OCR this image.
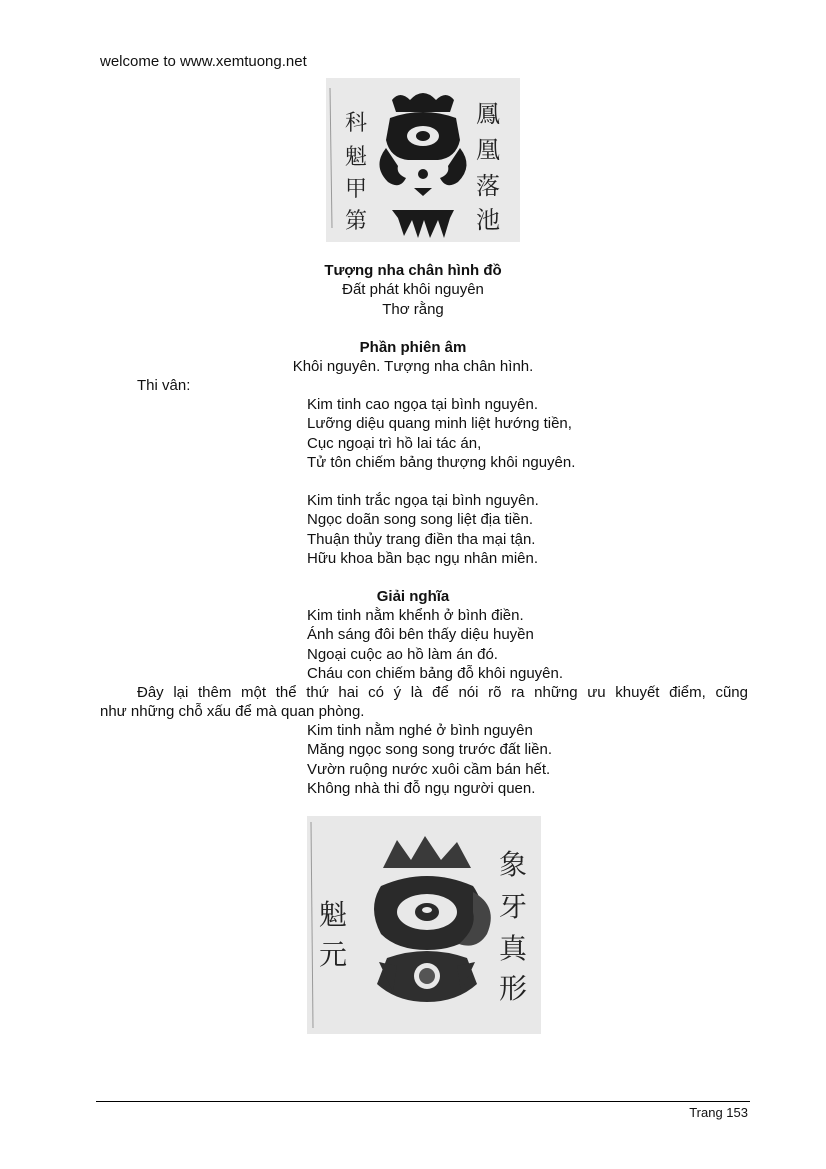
welcome to www.xemtuong.net
鳳
凰
落
池
科
魁
甲
第
Tượng nha chân hình đồ
Đất phát khôi nguyên
Thơ rằng
Phần phiên âm
Khôi nguyên. Tượng nha chân hình.
Thi vân:
Kim tinh cao ngọa tại bình nguyên.
Lưỡng diệu quang minh liệt hướng tiền,
Cục ngoại trì hồ lai tác án,
Tử tôn chiếm bảng thượng khôi nguyên.
Kim tinh trắc ngọa tại bình nguyên.
Ngọc doãn song song liệt địa tiền.
Thuận thủy trang điền tha mại tận.
Hữu khoa bần bạc ngụ nhân miên.
Giải nghĩa
Kim tinh nằm khểnh ở bình điền.
Ánh sáng đôi bên thấy diệu huyền
Ngoại cuộc ao hồ làm án đó.
Cháu con chiếm bảng đỗ khôi nguyên.
Đây lại thêm một thể thứ hai có ý là để nói rõ ra những ưu khuyết điểm, cũng
như những chỗ xấu để mà quan phòng.
Kim tinh nằm nghé ở bình nguyên
Măng ngọc song song trước đất liền.
Vườn ruộng nước xuôi cầm bán hết.
Không nhà thi đỗ ngụ người quen.
象
牙
真
形
魁
元
Trang 153
